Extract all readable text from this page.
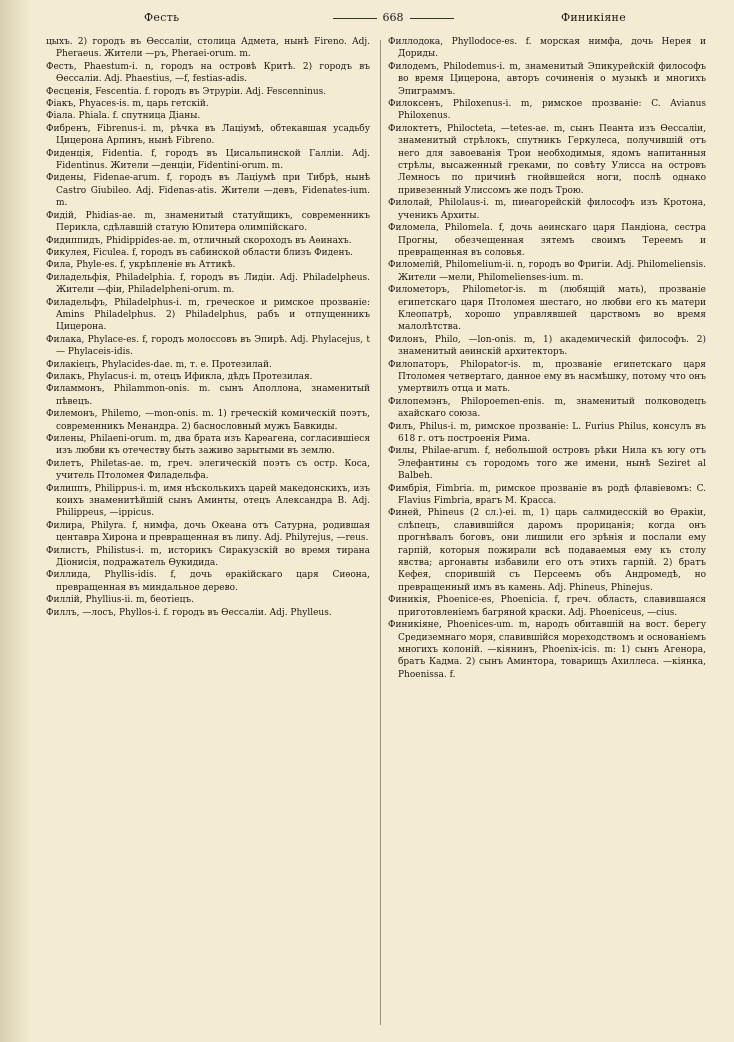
Фесть	668	Финикiяне

цыхъ. 2) городъ въ Ѳессалiи, столица Адмета, нынѣ Fireno. Adj. Pheraeus. Жители —ръ, Pheraei-orum. m.

Фесть, Phaestum-i. n, городъ на островѣ Критѣ. 2) городъ въ Ѳессалiи. Adj. Phaestius, —f, festias-adis.

Фесценiя, Fescentia. f. городъ въ Этрурiи. Adj. Fescenninus.

Фiакъ, Phyaces-is. m, царь гетскiй.

Фiала. Phiala. f. спутница Дiаны.

Фибренъ, Fibrenus-i. m, рѣчка въ Лацiумѣ, обтекавшая усадьбу Цицерона Арпинъ, нынѣ Fibreno.

Фиденцiя, Fidentia. f, городъ въ Цисальпинской Галлiи. Adj. Fidentinus. Жители —денцiи, Fidentini-orum. m.

Фидены, Fidenae-arum. f, городъ въ Лацiумѣ при Тибрѣ, нынѣ Castro Giubileo. Adj. Fidenas-atis. Жители —девъ, Fidenates-ium. m.

Фидiй, Phidias-ae. m, знаменитый статуйщикъ, современникъ Перикла, сдѣлавшiй статую Юпитера олимпiйскаго.

Фидиппидъ, Phidippides-ae. m, отличный скороходъ въ Аѳинахъ.

Фикулея, Ficulea. f, городъ въ сабинской области близъ Фиденъ.

Фила, Phyle-es. f, укрѣпленiе въ Аттикѣ.

Филадельфiя, Philadelphia. f, городъ въ Лидiи. Adj. Philadelpheus. Жители —фiи, Philadelpheni-orum. m.

Филадельфъ, Philadelphus-i. m, греческое и римское прозванiе: Amins Philadelphus. 2) Philadelphus, рабъ и отпущенникъ Цицерона.

Филака, Phylace-es. f, городъ молоссовъ въ Эпирѣ. Adj. Phylacejus, t — Phylaceis-idis.

Филакiецъ, Phylacides-dae. m, т. е. Протезилай.

Филакъ, Phylacus-i. m, отецъ Ификла, дѣдъ Протезилая.

Филаммонъ, Philammon-onis. m. сынъ Аполлона, знаменитый пѣвецъ.

Филемонъ, Philemo, —mon-onis. m. 1) греческiй комическiй поэтъ, современникъ Менандра. 2) баснословный мужъ Бавкиды.

Филены, Philaeni-orum. m, два брата изъ Карѳагена, согласившiеся изъ любви къ отечеству быть заживо зарытыми въ землю.

Филетъ, Philetas-ae. m, греч. элегическiй поэтъ съ остр. Коса, учитель Птоломея Филадельфа.

Филиппъ, Philippus-i. m, имя нѣсколькихъ царей македонскихъ, изъ коихъ знаменитѣйшiй сынъ Аминты, отецъ Александра В. Adj. Philippeus, —ippicus.

Филира, Philyra. f, нимфа, дочь Океана отъ Сатурна, родившая центавра Хирона и превращенная въ липу. Adj. Philyrejus, —reus.

Филистъ, Philistus-i. m, историкъ Сиракузскiй во время тирана Дiонисiя, подражатель Ѳукидида.

Филлида, Phyllis-idis. f, дочь ѳракiйскаго царя Сиѳона, превращенная въ миндальное дерево.

Филлiй, Phyllius-ii. m, беотiецъ.

Филлъ, —лосъ, Phyllos-i. f. городъ въ Ѳессалiи. Adj. Phylleus.

Филлодока, Phyllodoce-es. f. морская нимфа, дочь Нерея и Дориды.

Филодемъ, Philodemus-i. m, знаменитый Эпикурейскiй философъ во время Цицерона, авторъ сочиненiя о музыкѣ и многихъ Эпиграммъ.

Филоксенъ, Philoxenus-i. m, римское прозванiе: C. Avianus Philoxenus.

Филоктетъ, Philocteta, —tetes-ae. m, сынъ Пеанта изъ Ѳессалiи, знаменитый стрѣлокъ, спутникъ Геркулеса, получившiй отъ него для завоеванiя Трои необходимыя, ядомъ напитанныя стрѣлы, высаженный греками, по совѣту Улисса на островъ Лемносъ по причинѣ гнойвшейся ноги, послѣ однако привезенный Улиссомъ же подъ Трою.

Филолай, Philolaus-i. m, пиѳагорейскiй философъ изъ Кротона, ученикъ Архиты.

Филомела, Philomela. f, дочь аѳинскаго царя Пандiона, сестра Прогны, обезчещенная зятемъ своимъ Tереемъ и превращенная въ соловья.

Филомелiй, Philomelium-ii. n, городъ во Фригiи. Adj. Philomeliensis. Жители —мели, Philomelienses-ium. m.

Филометоръ, Philometor-is. m (любящiй мать), прозванiе египетскаго царя Птоломея шестаго, но любви его къ матери Клеопатрѣ, хорошо управлявшей царствомъ во время малолѣтства.

Филонъ, Philo, —lon-onis. m, 1) академическiй философъ. 2) знаменитый аѳинскiй архитекторъ.

Филопаторъ, Philopator-is. m, прозванiе египетскаго царя Птоломея четвертаго, данное ему въ насмѣшку, потому что онъ умертвилъ отца и мать.

Филопемэнъ, Philopoemen-enis. m, знаменитый полководецъ ахайскаго союза.

Филъ, Philus-i. m, римское прозванiе: L. Furius Philus, консулъ въ 618 г. отъ построенiя Рима.

Филы, Philae-arum. f, небольшой островъ рѣки Нила къ югу отъ Элефантины съ городомъ того же имени, нынѣ Seziret al Balbeh.

Фимбрiя, Fimbria. m, римское прозванiе въ родѣ флавiевомъ: C. Flavius Fimbria, врагъ М. Красса.

Финей, Phineus (2 сл.)-ei. m, 1) царь салмидесскiй во Ѳракiи, слѣпецъ, славившiйся даромъ прорицанiя; когда онъ прогнѣвалъ боговъ, они лишили его зрѣнiя и послали ему гарпiй, которыя пожирали всѣ подаваемыя ему къ столу явства; аргонавты избавили его отъ этихъ гарпiй. 2) братъ Кефея, спорившiй съ Персеемъ объ Андромедѣ, но превращенный имъ въ камень. Adj. Phineus, Phinejus.

Финикiя, Phoenice-es, Phoenicia. f, греч. область, славившаяся приготовленiемъ багряной краски. Adj. Phoeniceus, —cius.

Финикiяне, Phoenices-um. m, народъ обитавшiй на вост. берегу Средиземнаго моря, славившiйся мореходствомъ и основанiемъ многихъ колонiй. —кiянинъ, Phoenix-icis. m: 1) сынъ Агенора, братъ Кадма. 2) сынъ Аминтора, товарищъ Ахиллеса. —кiянка, Phoenissa. f.
